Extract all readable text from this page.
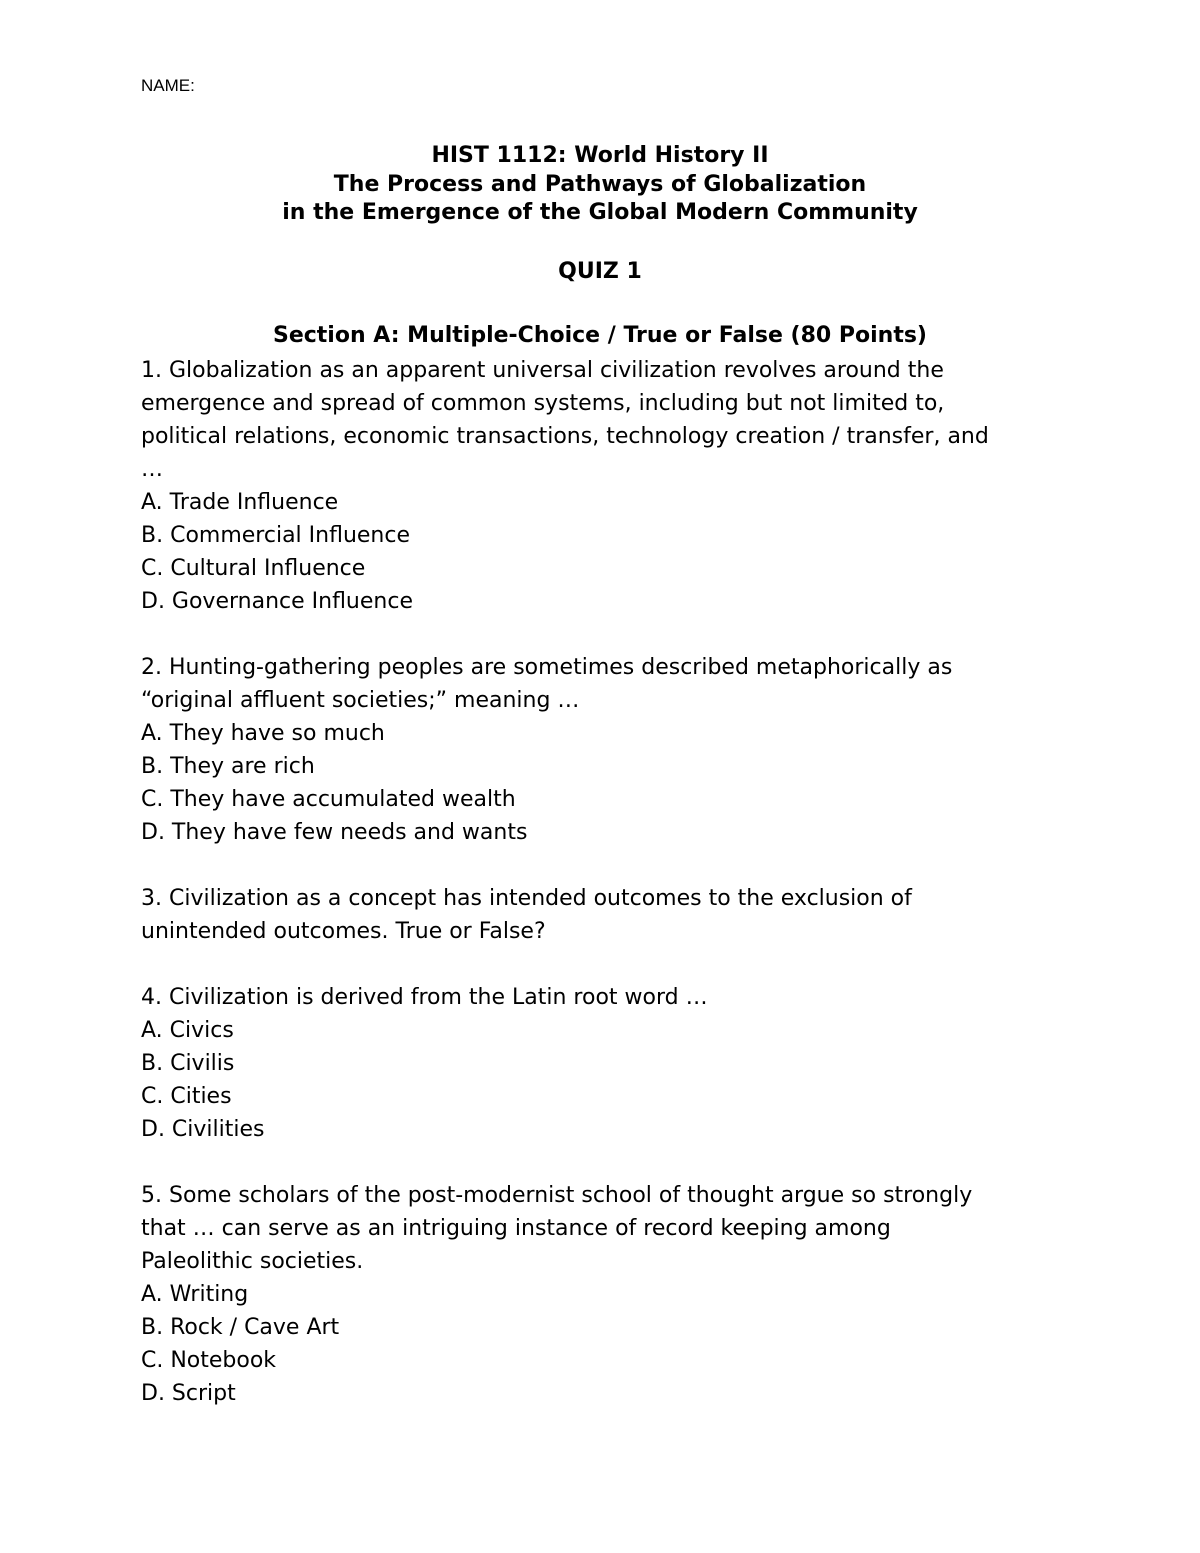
NAME:
HIST 1112: World History II
The Process and Pathways of Globalization
in the Emergence of the Global Modern Community
QUIZ 1
Section A: Multiple-Choice / True or False (80 Points)
1. Globalization as an apparent universal civilization revolves around the
emergence and spread of common systems, including but not limited to,
political relations, economic transactions, technology creation / transfer, and
…
A. Trade Influence
B. Commercial Influence
C. Cultural Influence
D. Governance Influence
2. Hunting-gathering peoples are sometimes described metaphorically as
“original affluent societies;” meaning …
A. They have so much
B. They are rich
C. They have accumulated wealth
D. They have few needs and wants
3. Civilization as a concept has intended outcomes to the exclusion of
unintended outcomes. True or False?
4. Civilization is derived from the Latin root word …
A. Civics
B. Civilis
C. Cities
D. Civilities
5. Some scholars of the post-modernist school of thought argue so strongly
that … can serve as an intriguing instance of record keeping among
Paleolithic societies.
A. Writing
B. Rock / Cave Art
C. Notebook
D. Script
